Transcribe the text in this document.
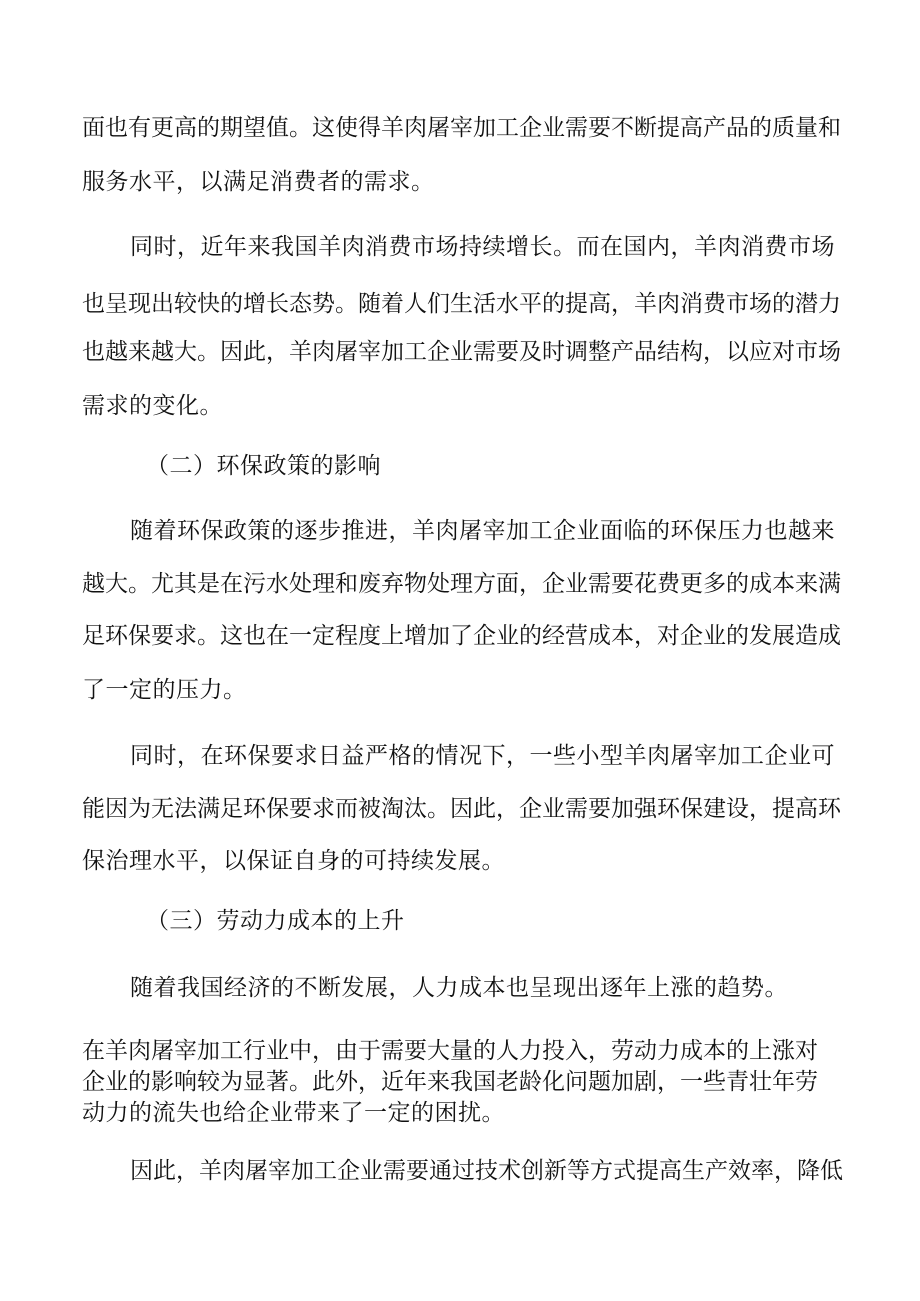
面也有更高的期望值。这使得羊肉屠宰加工企业需要不断提高产品的质量和
服务水平，以满足消费者的需求。
同时，近年来我国羊肉消费市场持续增长。而在国内，羊肉消费市场
也呈现出较快的增长态势。随着人们生活水平的提高，羊肉消费市场的潜力
也越来越大。因此，羊肉屠宰加工企业需要及时调整产品结构，以应对市场
需求的变化。
（二）环保政策的影响
随着环保政策的逐步推进，羊肉屠宰加工企业面临的环保压力也越来
越大。尤其是在污水处理和废弃物处理方面，企业需要花费更多的成本来满
足环保要求。这也在一定程度上增加了企业的经营成本，对企业的发展造成
了一定的压力。
同时，在环保要求日益严格的情况下，一些小型羊肉屠宰加工企业可
能因为无法满足环保要求而被淘汰。因此，企业需要加强环保建设，提高环
保治理水平，以保证自身的可持续发展。
（三）劳动力成本的上升
随着我国经济的不断发展，人力成本也呈现出逐年上涨的趋势。
在羊肉屠宰加工行业中，由于需要大量的人力投入，劳动力成本的上涨对
企业的影响较为显著。此外，近年来我国老龄化问题加剧，一些青壮年劳
动力的流失也给企业带来了一定的困扰。
因此，羊肉屠宰加工企业需要通过技术创新等方式提高生产效率，降低
